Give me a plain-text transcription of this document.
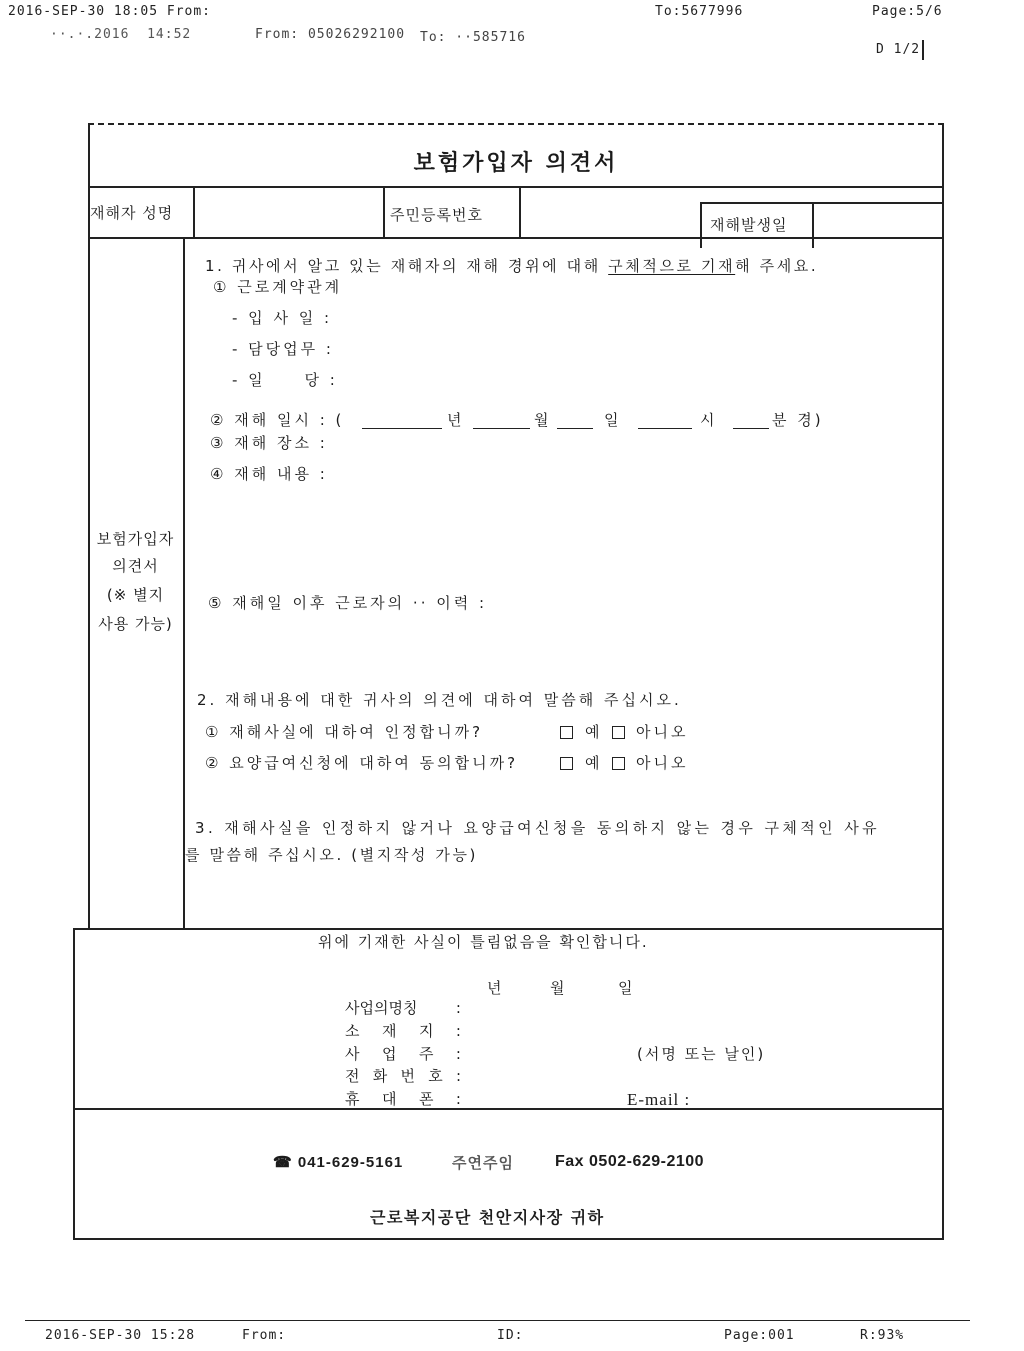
2016-SEP-30 18:05 From:	To:5677996	Page:5/6
··.·.2016  14:52	From: 05026292100 To: ··585716
D 1/2
보험가입자 의견서
재해자 성명	주민등록번호
재해발생일
보험가입자
의견서
(※ 별지
사용 가능)
1. 귀사에서 알고 있는 재해자의 재해 경위에 대해 구체적으로 기재해 주세요.
① 근로계약관계
- 입 사 일 :
- 담당업무 :
- 일     당 :
② 재해 일시 : (	년	월	일	시	분 경)
③ 재해 장소 :
④ 재해 내용 :
⑤ 재해일 이후 근로자의 ·· 이력 :
2. 재해내용에 대한 귀사의 의견에 대하여 말씀해 주십시오.
① 재해사실에 대하여 인정합니까?	예 아니오
② 요양급여신청에 대하여 동의합니까?	예 아니오
3. 재해사실을 인정하지 않거나 요양급여신청을 동의하지 않는 경우 구체적인 사유
를 말씀해 주십시오. (별지작성 가능)
위에 기재한 사실이 틀림없음을 확인합니다.
년	월	일
사업의명칭 :
소 재 지 :
사 업 주 :	(서명 또는 날인)
전 화 번 호 :
휴 대 폰 :	E-mail :
☎ 041-629-5161	주연주임	Fax 0502-629-2100
근로복지공단 천안지사장 귀하
2016-SEP-30 15:28	From:	ID:	Page:001	R:93%
